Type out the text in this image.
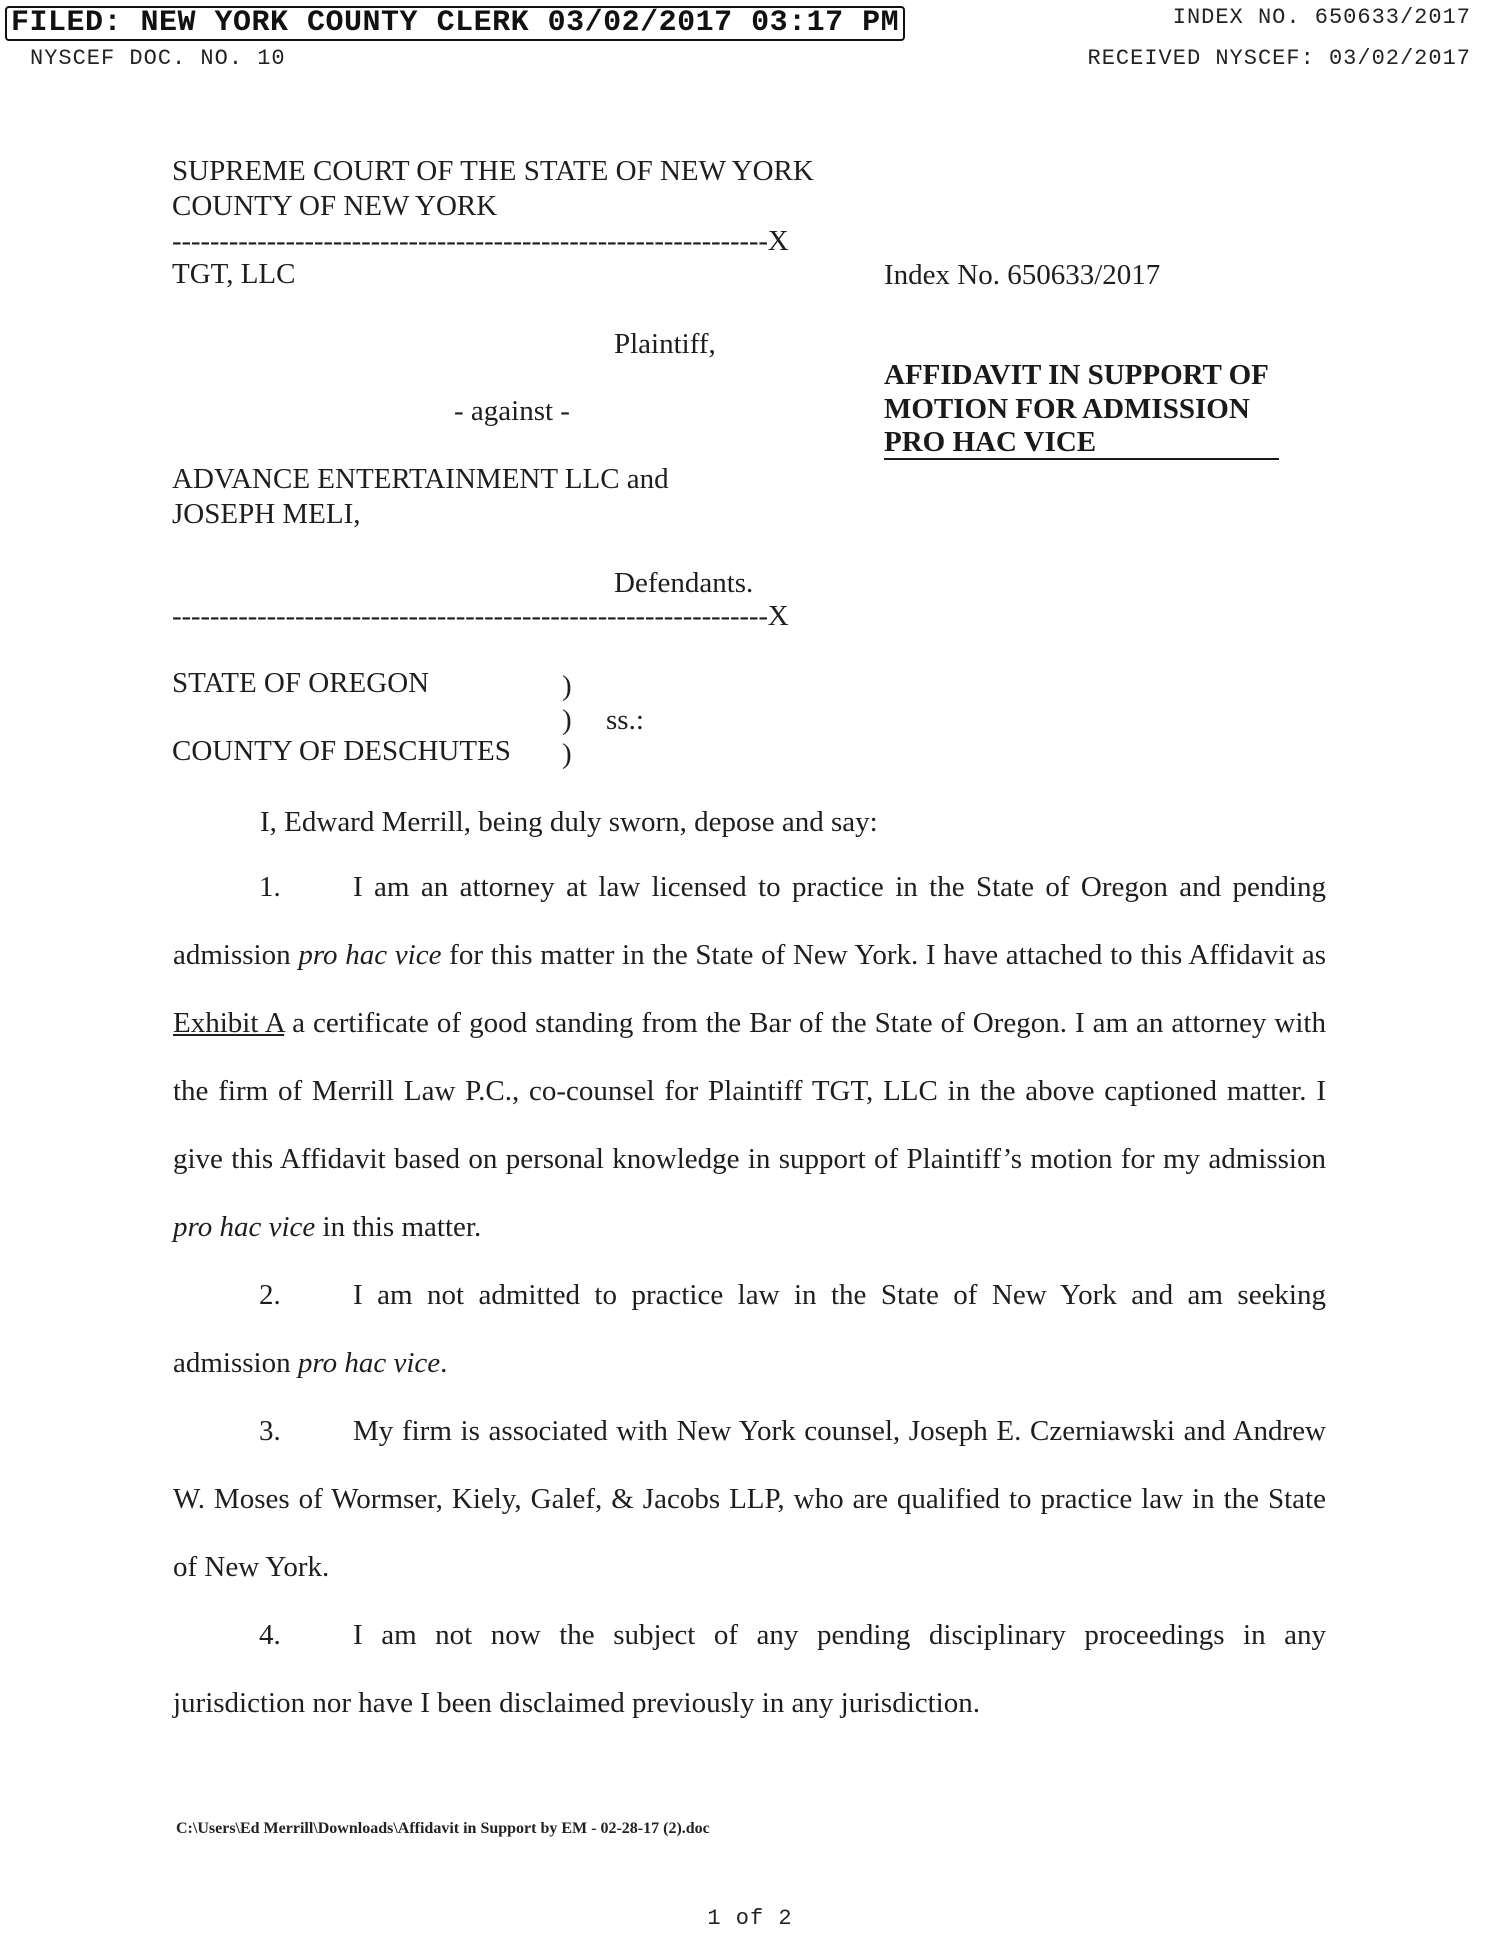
FILED: NEW YORK COUNTY CLERK 03/02/2017 03:17 PM	INDEX NO. 650633/2017
NYSCEF DOC. NO. 10	RECEIVED NYSCEF: 03/02/2017
SUPREME COURT OF THE STATE OF NEW YORK
COUNTY OF NEW YORK
---------------------------------------------------------------X
TGT, LLC	Index No. 650633/2017
Plaintiff,
AFFIDAVIT IN SUPPORT OF
MOTION FOR ADMISSION
PRO HAC VICE
- against -
ADVANCE ENTERTAINMENT LLC and
JOSEPH MELI,
Defendants.
---------------------------------------------------------------X
STATE OF OREGON
COUNTY OF DESCHUTES
)
)
)
ss.:
I, Edward Merrill, being duly sworn, depose and say:
1. I am an attorney at law licensed to practice in the State of Oregon and pending admission pro hac vice for this matter in the State of New York. I have attached to this Affidavit as Exhibit A a certificate of good standing from the Bar of the State of Oregon. I am an attorney with the firm of Merrill Law P.C., co-counsel for Plaintiff TGT, LLC in the above captioned matter. I give this Affidavit based on personal knowledge in support of Plaintiff’s motion for my admission pro hac vice in this matter.
2. I am not admitted to practice law in the State of New York and am seeking admission pro hac vice.
3. My firm is associated with New York counsel, Joseph E. Czerniawski and Andrew W. Moses of Wormser, Kiely, Galef, & Jacobs LLP, who are qualified to practice law in the State of New York.
4. I am not now the subject of any pending disciplinary proceedings in any jurisdiction nor have I been disclaimed previously in any jurisdiction.
C:\Users\Ed Merrill\Downloads\Affidavit in Support by EM - 02-28-17 (2).doc
1 of 2
